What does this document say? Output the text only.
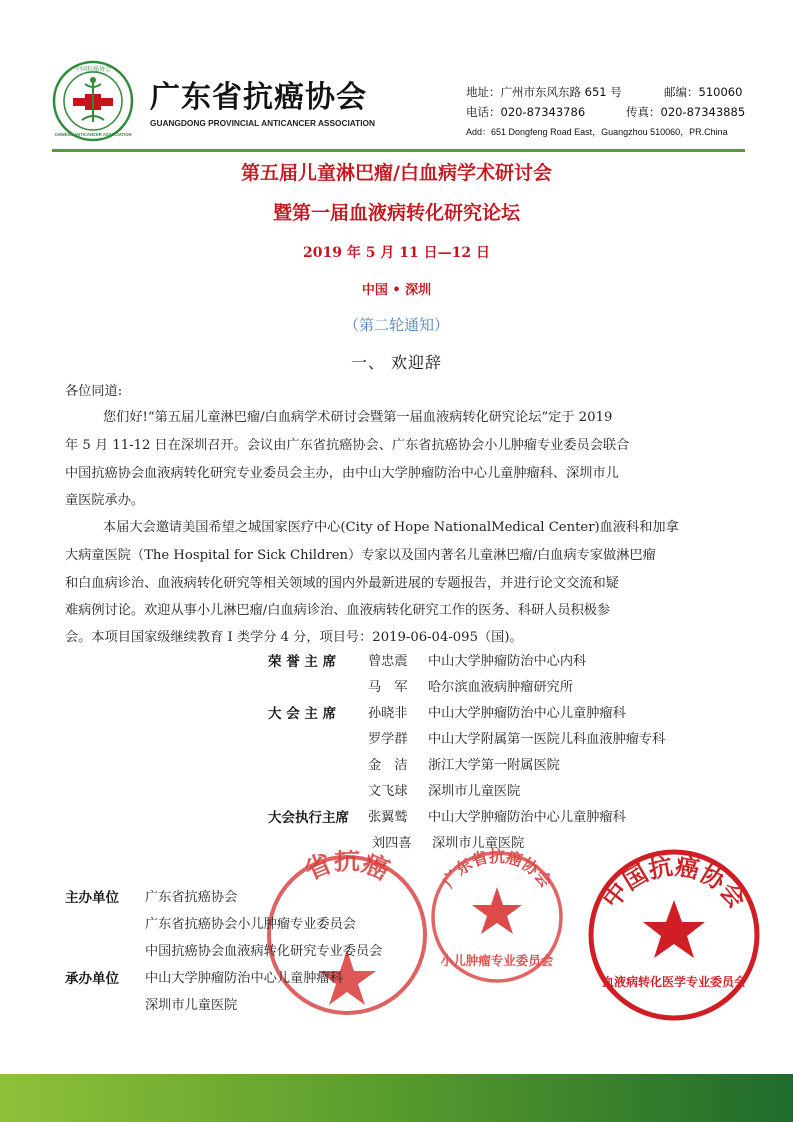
中国抗癌协会
CHINESE ANTICANCER ASSOCIATION
广东省抗癌协会
GUANGDONG PROVINCIAL ANTICANCER ASSOCIATION
地址：广州市东风东路 651 号	邮编：510060
电话：020-87343786	传真：020-87343885
Add：651 Dongfeng Road East，Guangzhou 510060，PR.China
第五届儿童淋巴瘤/白血病学术研讨会
暨第一届血液病转化研究论坛
2019 年 5 月 11 日—12 日
中国 • 深圳
（第二轮通知）
一、 欢迎辞
各位同道:
您们好!“第五届儿童淋巴瘤/白血病学术研讨会暨第一届血液病转化研究论坛”定于 2019
年 5 月 11-12 日在深圳召开。会议由广东省抗癌协会、广东省抗癌协会小儿肿瘤专业委员会联合
中国抗癌协会血液病转化研究专业委员会主办，由中山大学肿瘤防治中心儿童肿瘤科、深圳市儿
童医院承办。
本届大会邀请美国希望之城国家医疗中心(City of Hope NationalMedical Center)血液科和加拿
大病童医院（The Hospital for Sick Children）专家以及国内著名儿童淋巴瘤/白血病专家做淋巴瘤
和白血病诊治、血液病转化研究等相关领域的国内外最新进展的专题报告，并进行论文交流和疑
难病例讨论。欢迎从事小儿淋巴瘤/白血病诊治、血液病转化研究工作的医务、科研人员积极参
会。本项目国家级继续教育 I 类学分 4 分，项目号：2019-06-04-095（国)。
荣 誉 主 席 曾忠震 中山大学肿瘤防治中心内科
马　军 哈尔滨血液病肿瘤研究所
大 会 主 席 孙晓非 中山大学肿瘤防治中心儿童肿瘤科
罗学群 中山大学附属第一医院儿科血液肿瘤专科
金　洁 浙江大学第一附属医院
文飞球 深圳市儿童医院
大会执行主席 张翼鹫 中山大学肿瘤防治中心儿童肿瘤科
刘四喜 深圳市儿童医院
省抗癌	广东省抗癌协会
小儿肿瘤专业委员会
中国抗癌协会
血液病转化医学专业委员会
主办单位 广东省抗癌协会
广东省抗癌协会小儿肿瘤专业委员会
中国抗癌协会血液病转化研究专业委员会
承办单位 中山大学肿瘤防治中心儿童肿瘤科
深圳市儿童医院
